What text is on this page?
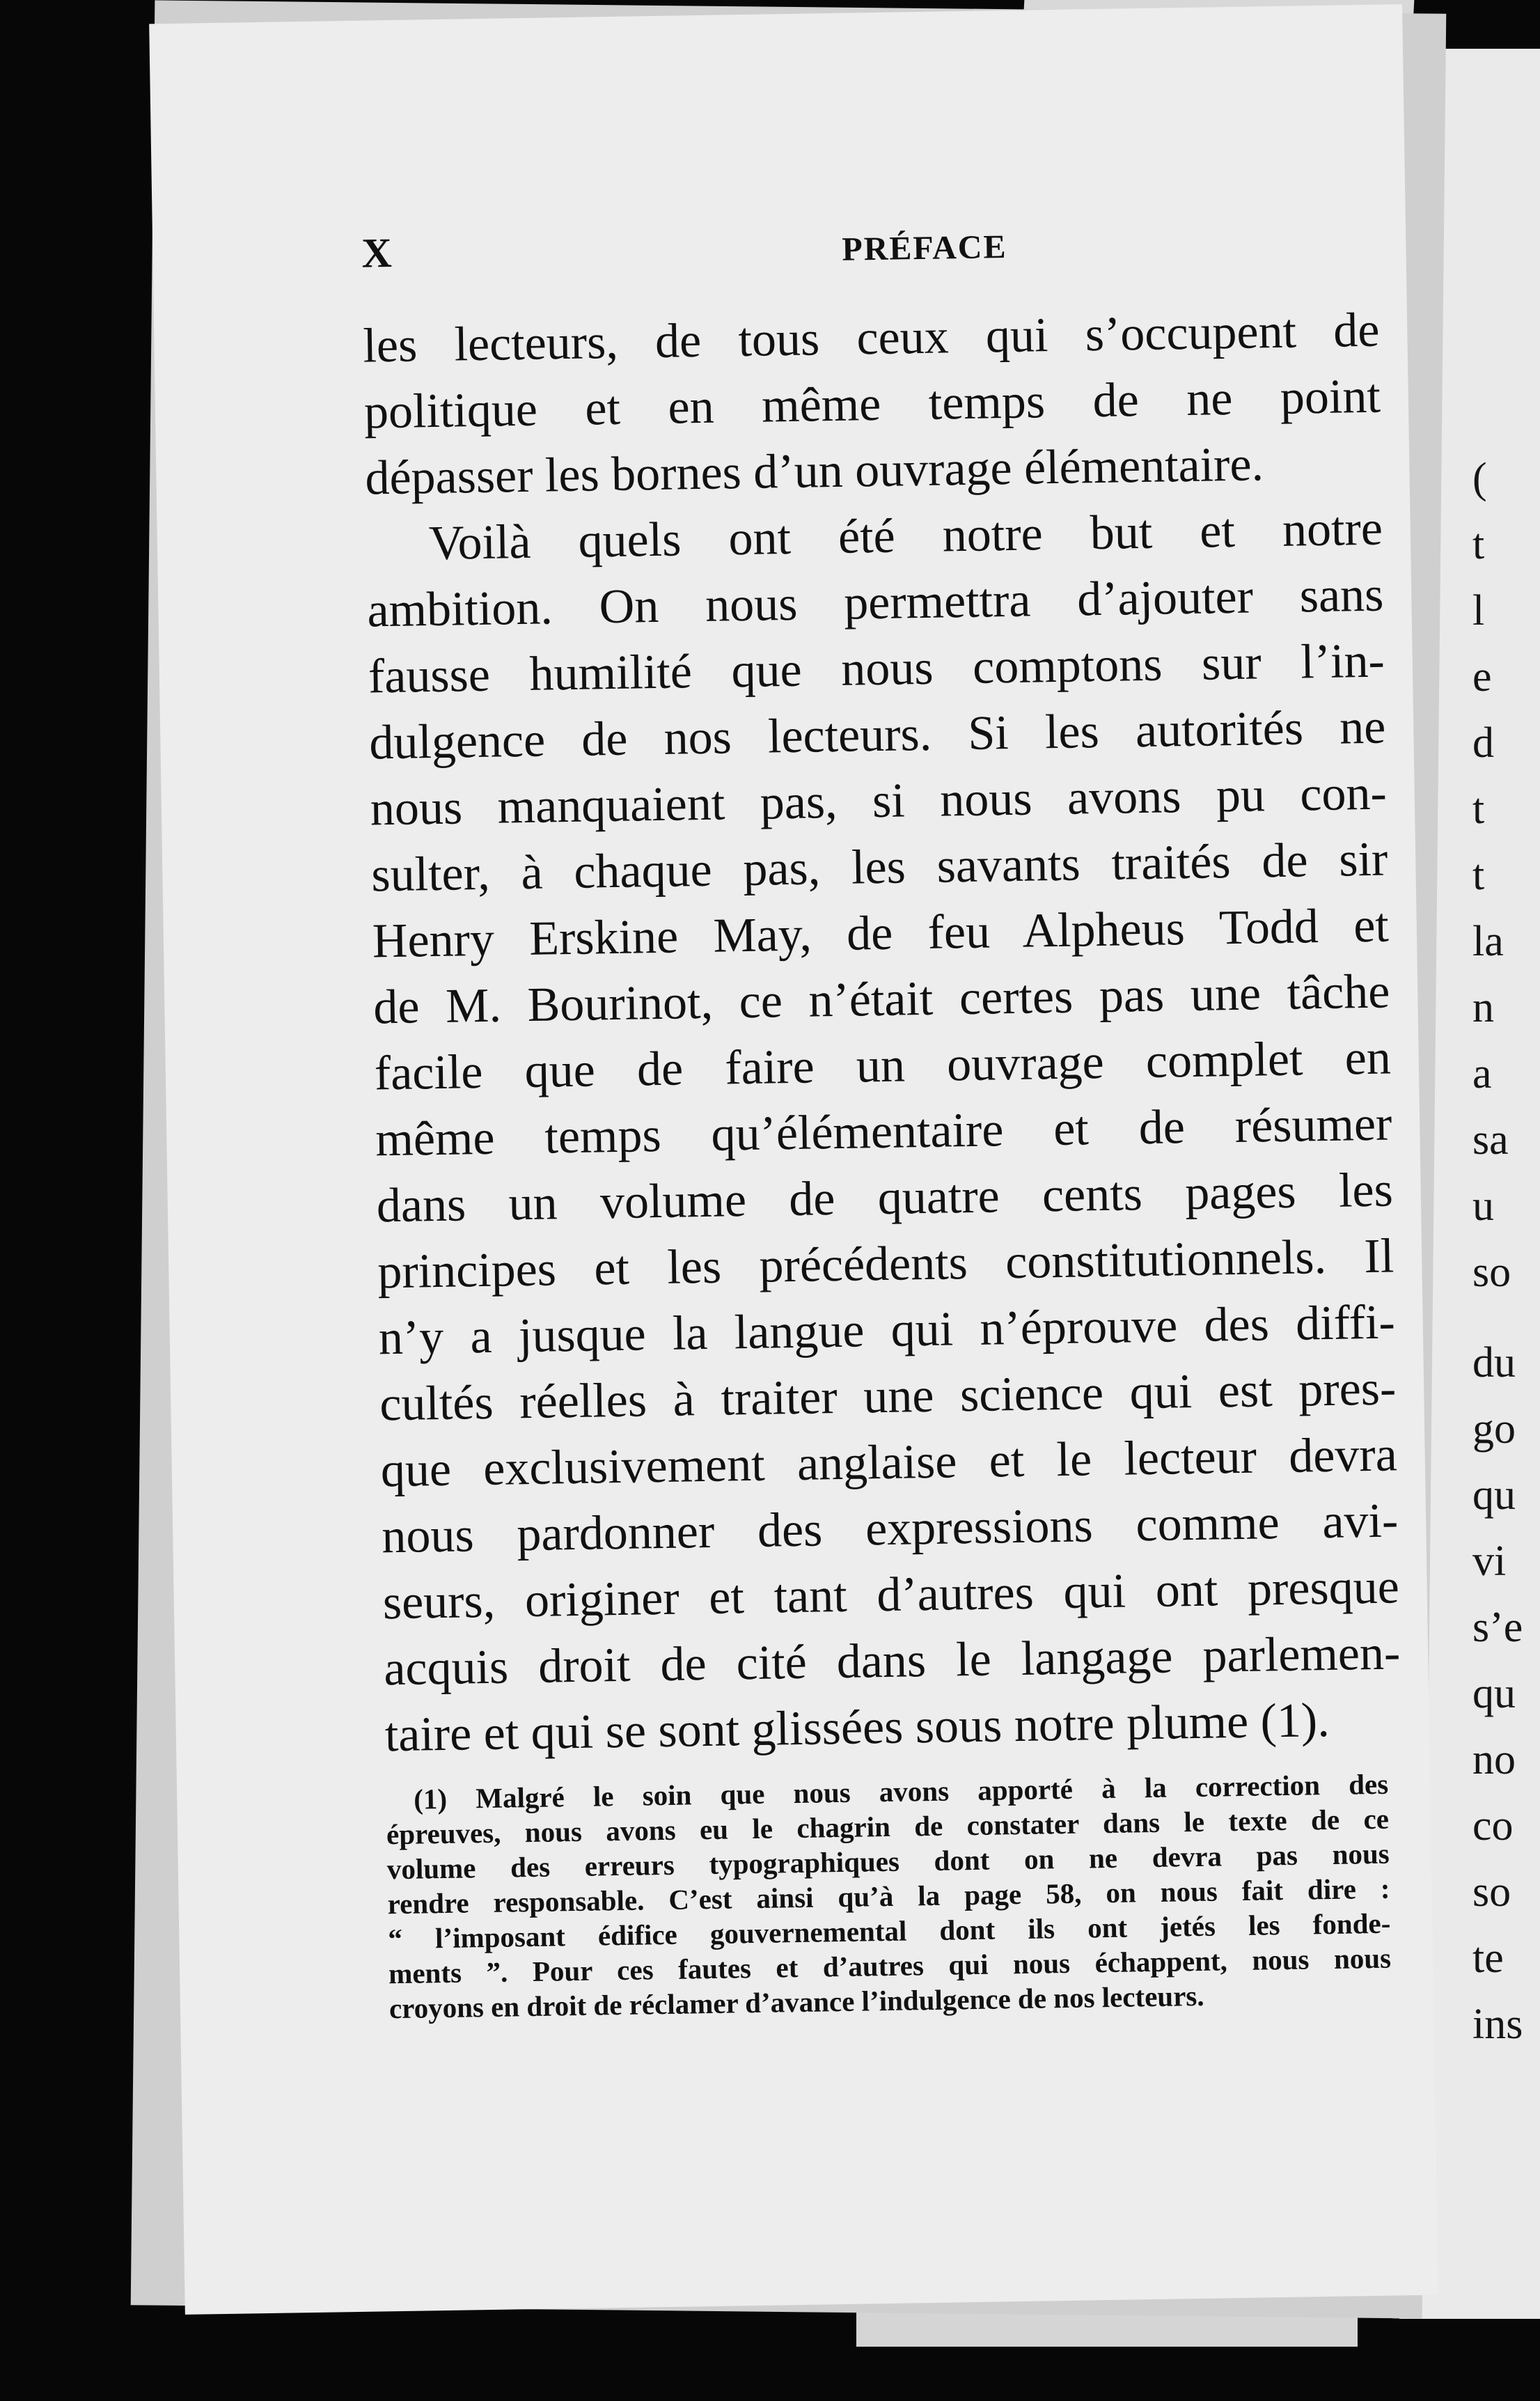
(
t
l
e
d
t
t
la
n
a
sa
u
so
du
go
qu
vi
s’e
qu
no
co
so
te
ins
X	PRÉFACE
les lecteurs, de tous ceux qui s’occupent de
politique et en même temps de ne point
dépasser les bornes d’un ouvrage élémentaire.
Voilà quels ont été notre but et notre
ambition. On nous permettra d’ajouter sans
fausse humilité que nous comptons sur l’in-
dulgence de nos lecteurs. Si les autorités ne
nous manquaient pas, si nous avons pu con-
sulter, à chaque pas, les savants traités de sir
Henry Erskine May, de feu Alpheus Todd et
de M. Bourinot, ce n’était certes pas une tâche
facile que de faire un ouvrage complet en
même temps qu’élémentaire et de résumer
dans un volume de quatre cents pages les
principes et les précédents constitutionnels. Il
n’y a jusque la langue qui n’éprouve des diffi-
cultés réelles à traiter une science qui est pres-
que exclusivement anglaise et le lecteur devra
nous pardonner des expressions comme avi-
seurs, originer et tant d’autres qui ont presque
acquis droit de cité dans le langage parlemen-
taire et qui se sont glissées sous notre plume (1).
(1) Malgré le soin que nous avons apporté à la correction des
épreuves, nous avons eu le chagrin de constater dans le texte de ce
volume des erreurs typographiques dont on ne devra pas nous
rendre responsable. C’est ainsi qu’à la page 58, on nous fait dire :
“ l’imposant édifice gouvernemental dont ils ont jetés les fonde-
ments ”. Pour ces fautes et d’autres qui nous échappent, nous nous
croyons en droit de réclamer d’avance l’indulgence de nos lecteurs.
